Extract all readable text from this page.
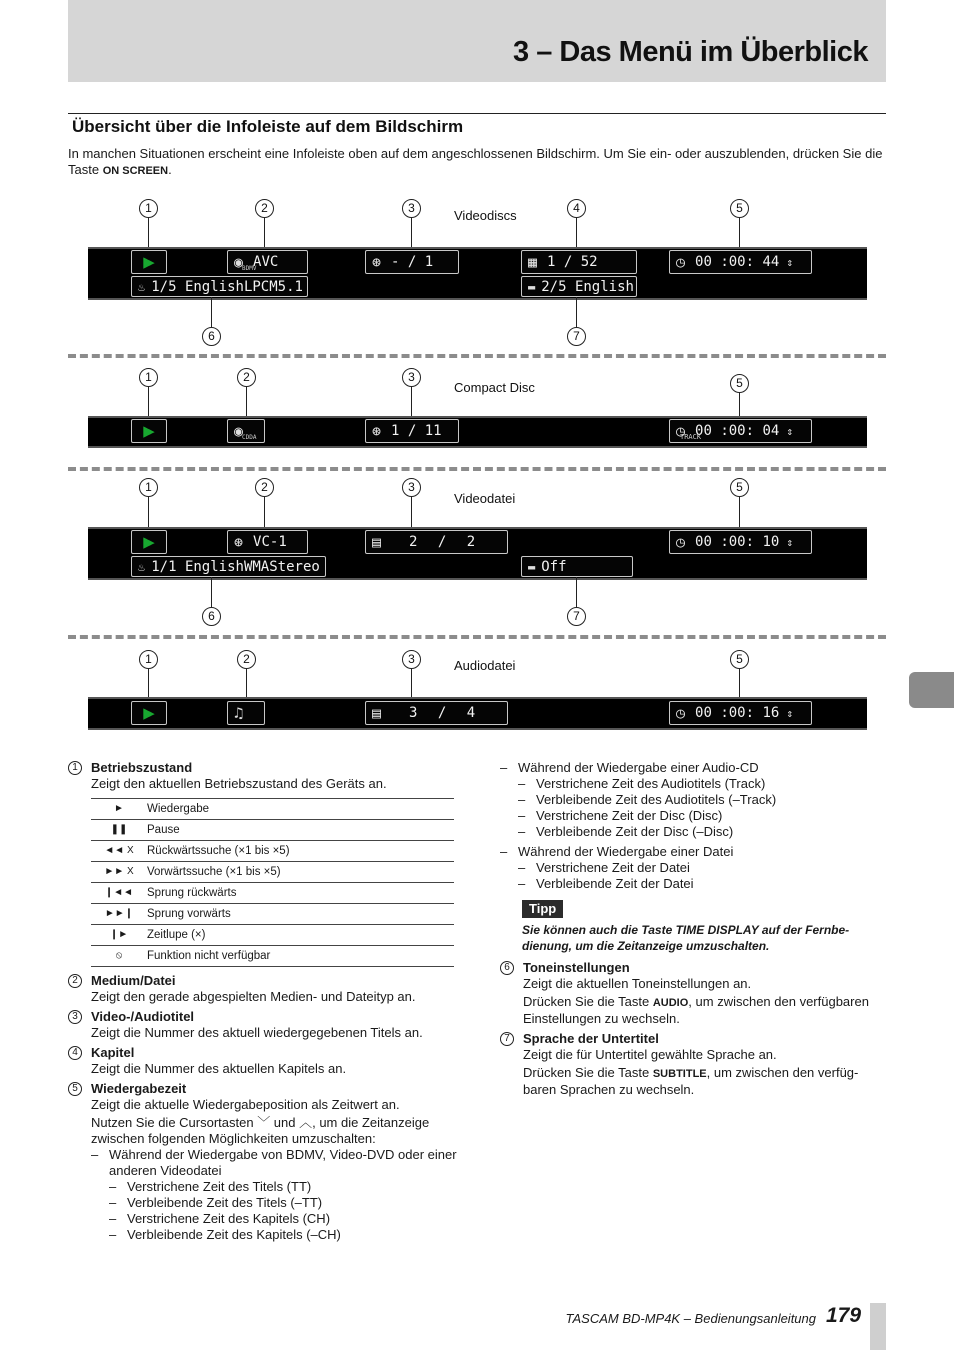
3 – Das Menü im Überblick
Übersicht über die Infoleiste auf dem Bildschirm

In manchen Situationen erscheint eine Infoleiste oben auf dem angeschlossenen Bildschirm. Um Sie ein- oder auszublenden, drücken Sie die Taste ON SCREEN.

Videodiscs
1	2	3	4	5
▶	◉
BDMV
AVC	⊛ - / 1	▦ 1 / 52	◷ 00 :00: 44 ⇕
♨ 1/5 EnglishLPCM5.1	▬ 2/5 English
6	7
Compact Disc
1	2	3	5
▶	◉
CDDA	⊛ 1 / 11	◷
TRACK
00 :00: 04 ⇕
Videodatei
1	2	3	5
▶	⊛ VC-1	▤ 2 / 2	◷ 00 :00: 10 ⇕
♨ 1/1 EnglishWMAStereo	▬ Off
6	7
Audiodatei
1	2	3	5
▶	♫	▤ 3 / 4	◷ 00 :00: 16 ⇕
1	Betriebszustand
Zeigt den aktuellen Betriebszustand des Geräts an.
►	Wiedergabe
❚❚	Pause
◄◄ X	Rückwärtssuche (×1 bis ×5)
►► X	Vorwärtssuche (×1 bis ×5)
❙◄◄	Sprung rückwärts
►►❙	Sprung vorwärts
❙►	Zeitlupe (×)
⦸	Funktion nicht verfügbar
2	Medium/Datei
Zeigt den gerade abgespielten Medien- und Dateityp an.
3	Video-/Audiotitel
Zeigt die Nummer des aktuell wiedergegebenen Titels an.
4	Kapitel
Zeigt die Nummer des aktuellen Kapitels an.
5	Wiedergabezeit
Zeigt die aktuelle Wiedergabeposition als Zeitwert an.
Nutzen Sie die Cursortasten ﹀ und ︿, um die Zeitanzeige zwischen folgenden Möglichkeiten umzuschalten:
– Während der Wiedergabe von BDMV, Video-DVD oder einer anderen Videodatei
– Verstrichene Zeit des Titels (TT)
– Verbleibende Zeit des Titels (–TT)
– Verstrichene Zeit des Kapitels (CH)
– Verbleibende Zeit des Kapitels (–CH)
– Während der Wiedergabe einer Audio-CD
– Verstrichene Zeit des Audiotitels (Track)
– Verbleibende Zeit des Audiotitels (–Track)
– Verstrichene Zeit der Disc (Disc)
– Verbleibende Zeit der Disc (–Disc)
– Während der Wiedergabe einer Datei
– Verstrichene Zeit der Datei
– Verbleibende Zeit der Datei
Tipp
Sie können auch die Taste TIME DISPLAY auf der Fernbe-dienung, um die Zeitanzeige umzuschalten.
6	Toneinstellungen
Zeigt die aktuellen Toneinstellungen an.
Drücken Sie die Taste AUDIO, um zwischen den verfügbaren Einstellungen zu wechseln.
7	Sprache der Untertitel
Zeigt die für Untertitel gewählte Sprache an.
Drücken Sie die Taste SUBTITLE, um zwischen den verfüg-baren Sprachen zu wechseln.
TASCAM BD-MP4K – Bedienungsanleitung 179
